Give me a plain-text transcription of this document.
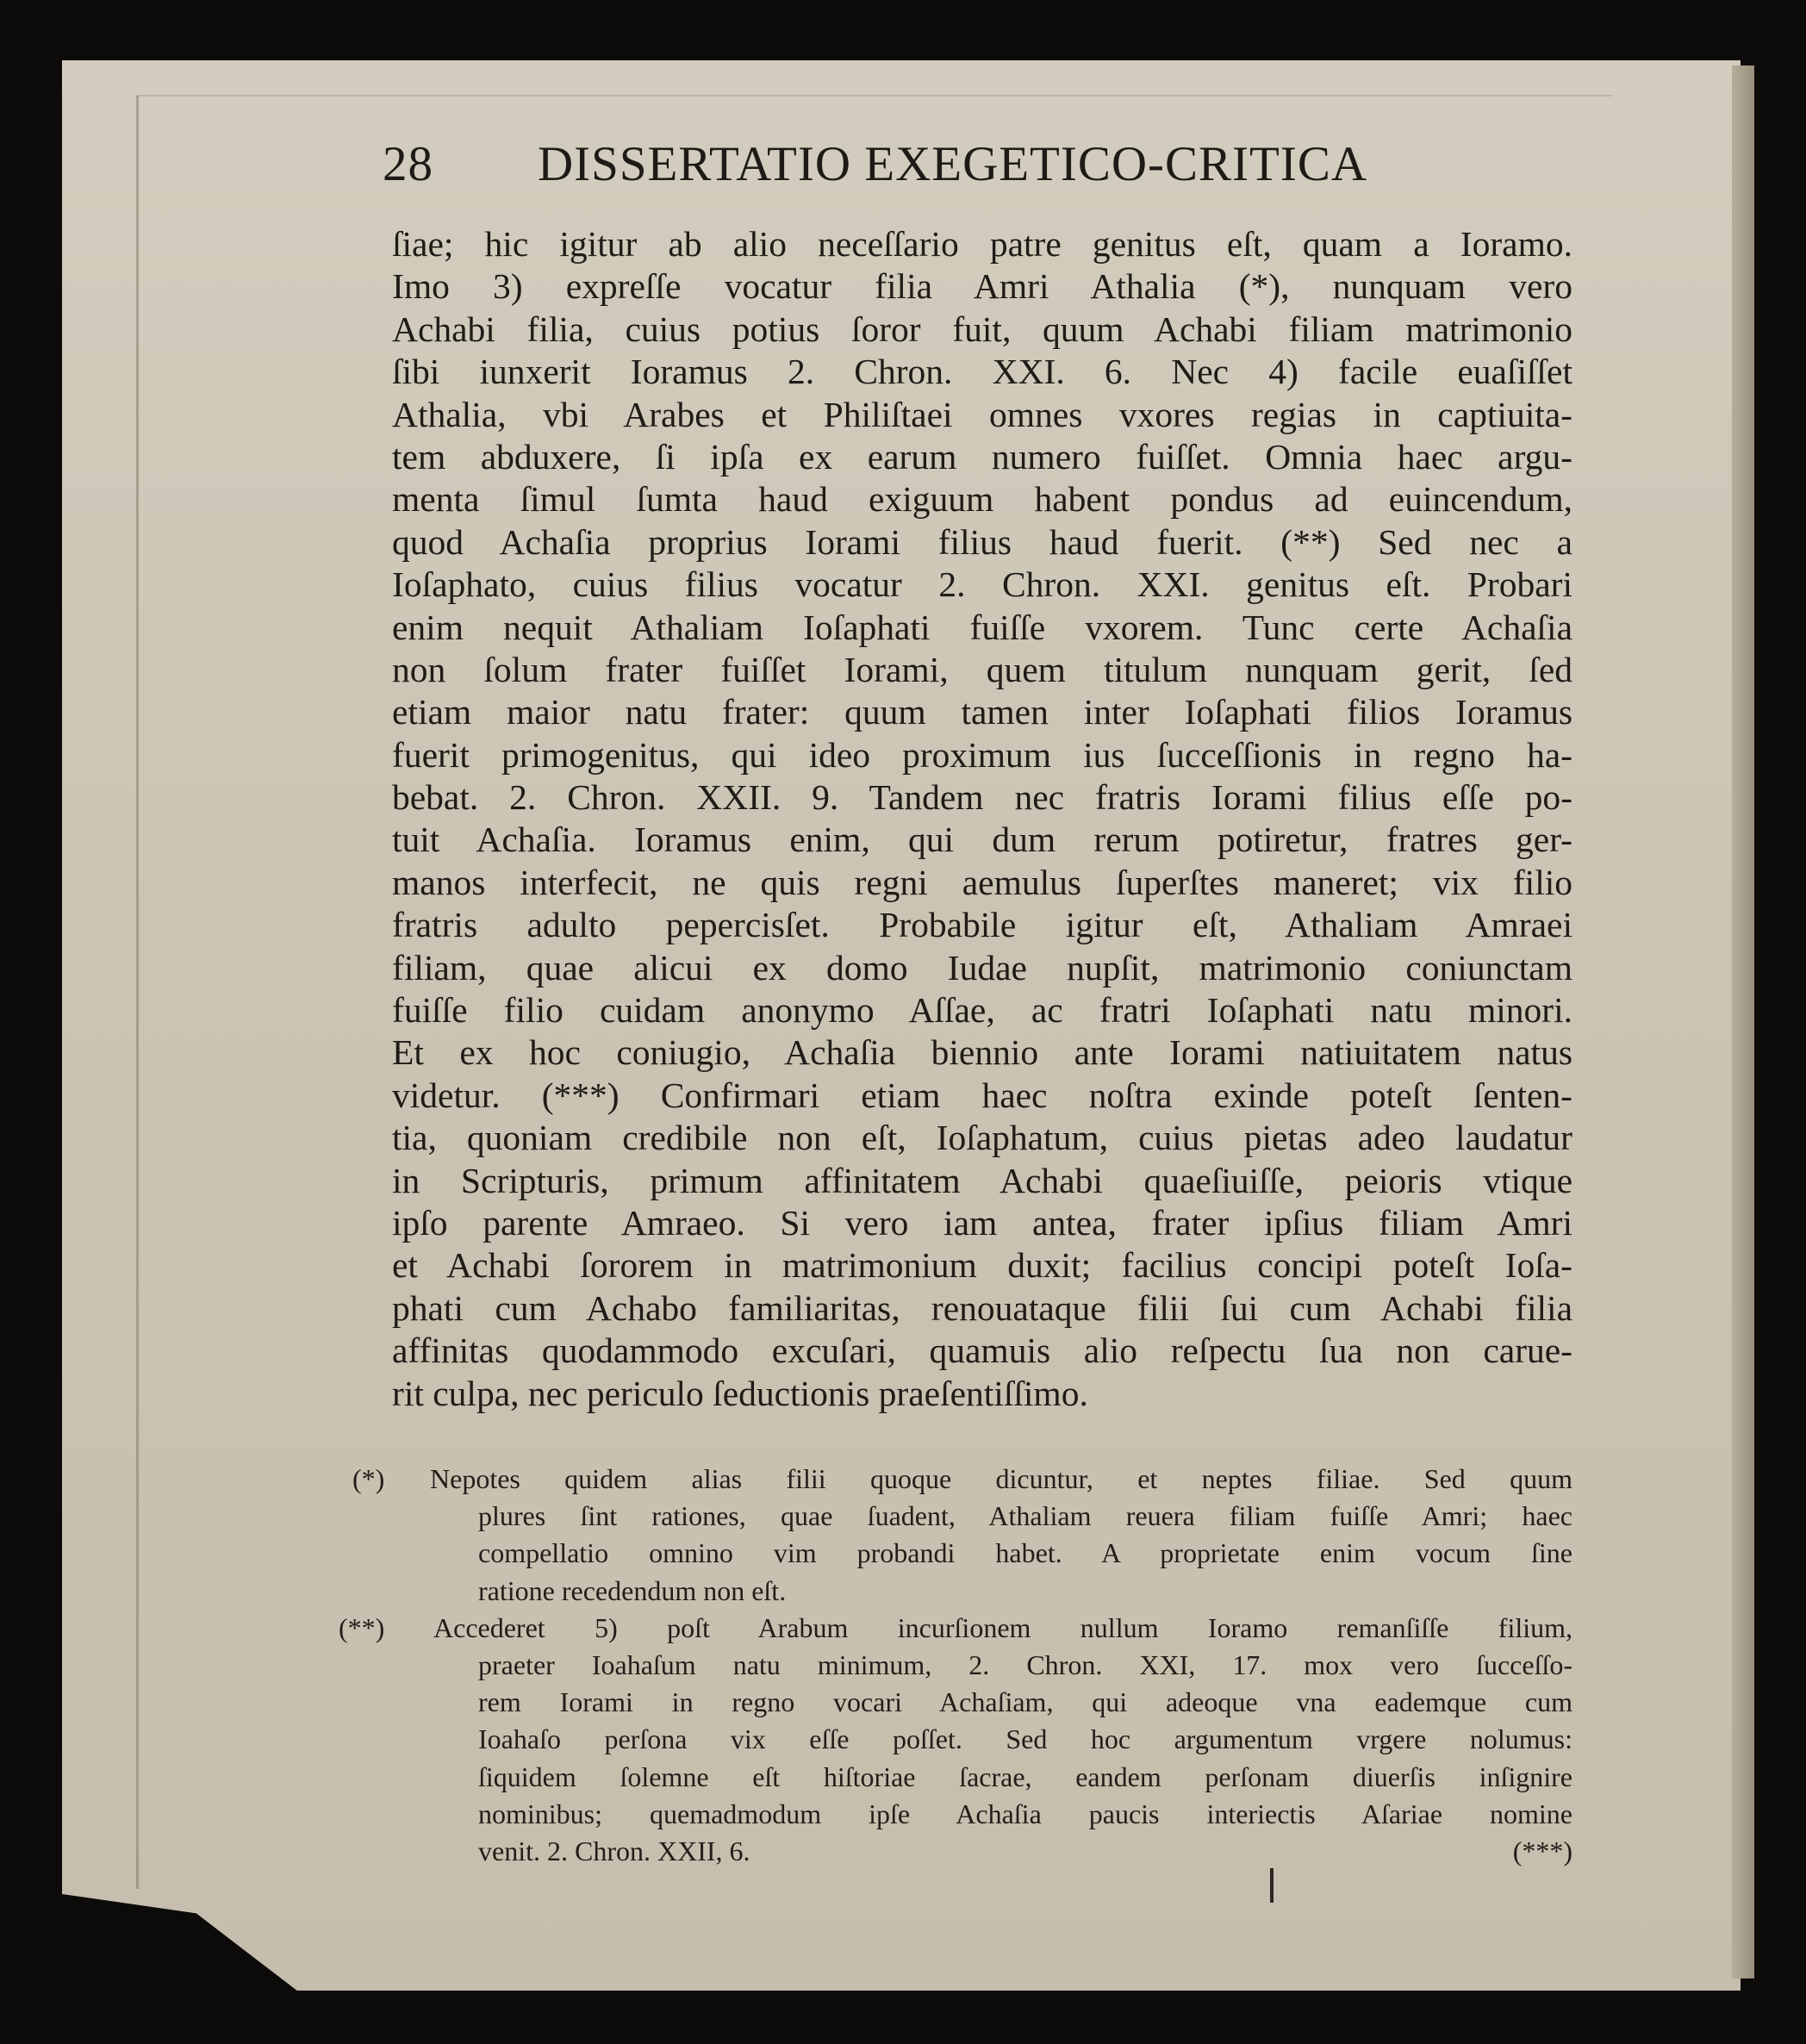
28 DISSERTATIO EXEGETICO-CRITICA
ſiae; hic igitur ab alio neceſſario patre genitus eſt, quam a Ioramo.
Imo 3) expreſſe vocatur filia Amri Athalia (*), nunquam vero
Achabi filia, cuius potius ſoror fuit, quum Achabi filiam matrimonio
ſibi iunxerit Ioramus 2. Chron. XXI. 6. Nec 4) facile euaſiſſet
Athalia, vbi Arabes et Philiſtaei omnes vxores regias in captiuita-
tem abduxere, ſi ipſa ex earum numero fuiſſet. Omnia haec argu-
menta ſimul ſumta haud exiguum habent pondus ad euincendum,
quod Achaſia proprius Iorami filius haud fuerit. (**) Sed nec a
Ioſaphato, cuius filius vocatur 2. Chron. XXI. genitus eſt. Probari
enim nequit Athaliam Ioſaphati fuiſſe vxorem. Tunc certe Achaſia
non ſolum frater fuiſſet Iorami, quem titulum nunquam gerit, ſed
etiam maior natu frater: quum tamen inter Ioſaphati filios Ioramus
fuerit primogenitus, qui ideo proximum ius ſucceſſionis in regno ha-
bebat. 2. Chron. XXII. 9. Tandem nec fratris Iorami filius eſſe po-
tuit Achaſia. Ioramus enim, qui dum rerum potiretur, fratres ger-
manos interfecit, ne quis regni aemulus ſuperſtes maneret; vix filio
fratris adulto pepercisſet. Probabile igitur eſt, Athaliam Amraei
filiam, quae alicui ex domo Iudae nupſit, matrimonio coniunctam
fuiſſe filio cuidam anonymo Aſſae, ac fratri Ioſaphati natu minori.
Et ex hoc coniugio, Achaſia biennio ante Iorami natiuitatem natus
videtur. (***) Confirmari etiam haec noſtra exinde poteſt ſenten-
tia, quoniam credibile non eſt, Ioſaphatum, cuius pietas adeo laudatur
in Scripturis, primum affinitatem Achabi quaeſiuiſſe, peioris vtique
ipſo parente Amraeo. Si vero iam antea, frater ipſius filiam Amri
et Achabi ſororem in matrimonium duxit; facilius concipi poteſt Ioſa-
phati cum Achabo familiaritas, renouataque filii ſui cum Achabi filia
affinitas quodammodo excuſari, quamuis alio reſpectu ſua non carue-
rit culpa, nec periculo ſeductionis praeſentiſſimo.
(*)	Nepotes quidem alias filii quoque dicuntur, et neptes filiae. Sed quum
plures ſint rationes, quae ſuadent, Athaliam reuera filiam fuiſſe Amri; haec
compellatio omnino vim probandi habet. A proprietate enim vocum ſine
ratione recedendum non eſt.
(**)	Accederet 5) poſt Arabum incurſionem nullum Ioramo remanſiſſe filium,
praeter Ioahaſum natu minimum, 2. Chron. XXI, 17. mox vero ſucceſſo-
rem Iorami in regno vocari Achaſiam, qui adeoque vna eademque cum
Ioahaſo perſona vix eſſe poſſet. Sed hoc argumentum vrgere nolumus:
ſiquidem ſolemne eſt hiſtoriae ſacrae, eandem perſonam diuerſis inſignire
nominibus; quemadmodum ipſe Achaſia paucis interiectis Aſariae nomine
venit. 2. Chron. XXII, 6.	(***)
